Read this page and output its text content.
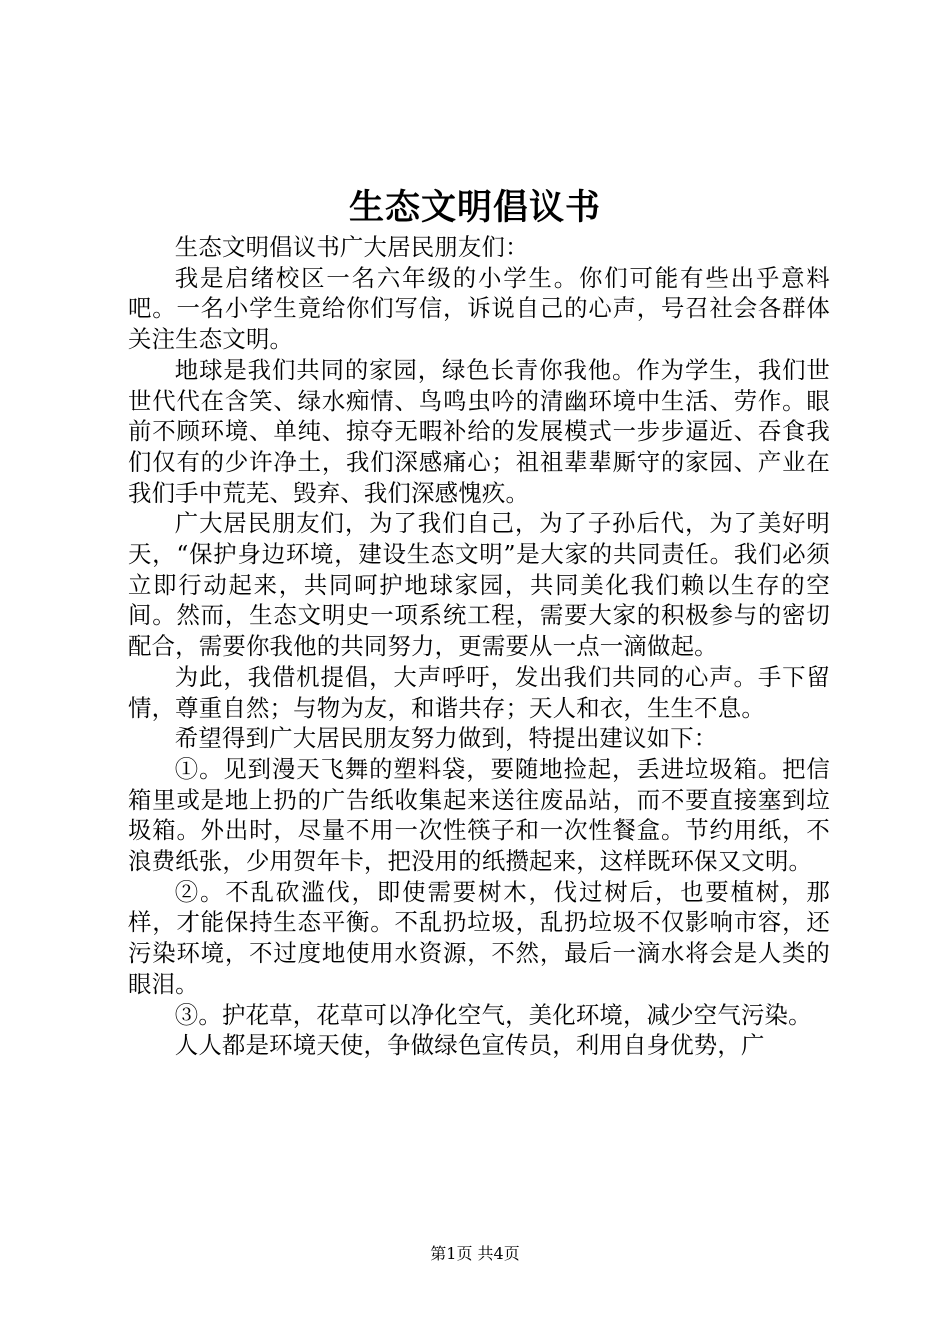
生态文明倡议书

生态文明倡议书广大居民朋友们：

我是启绪校区一名六年级的小学生。你们可能有些出乎意料吧。一名小学生竟给你们写信，诉说自己的心声，号召社会各群体关注生态文明。

地球是我们共同的家园，绿色长青你我他。作为学生，我们世世代代在含笑、绿水痴情、鸟鸣虫吟的清幽环境中生活、劳作。眼前不顾环境、单纯、掠夺无暇补给的发展模式一步步逼近、吞食我们仅有的少许净土，我们深感痛心；祖祖辈辈厮守的家园、产业在我们手中荒芜、毁弃、我们深感愧疚。

广大居民朋友们，为了我们自己，为了子孙后代，为了美好明天，“保护身边环境，建设生态文明”是大家的共同责任。我们必须立即行动起来，共同呵护地球家园，共同美化我们赖以生存的空间。然而，生态文明史一项系统工程，需要大家的积极参与的密切配合，需要你我他的共同努力，更需要从一点一滴做起。

为此，我借机提倡，大声呼吁，发出我们共同的心声。手下留情，尊重自然；与物为友，和谐共存；天人和衣，生生不息。

希望得到广大居民朋友努力做到，特提出建议如下：

①。见到漫天飞舞的塑料袋，要随地捡起，丢进垃圾箱。把信箱里或是地上扔的广告纸收集起来送往废品站，而不要直接塞到垃圾箱。外出时，尽量不用一次性筷子和一次性餐盒。节约用纸，不浪费纸张，少用贺年卡，把没用的纸攒起来，这样既环保又文明。

②。不乱砍滥伐，即使需要树木，伐过树后，也要植树，那样，才能保持生态平衡。不乱扔垃圾，乱扔垃圾不仅影响市容，还污染环境，不过度地使用水资源，不然，最后一滴水将会是人类的眼泪。

③。护花草，花草可以净化空气，美化环境，减少空气污染。

人人都是环境天使，争做绿色宣传员，利用自身优势，广

第1页 共4页
